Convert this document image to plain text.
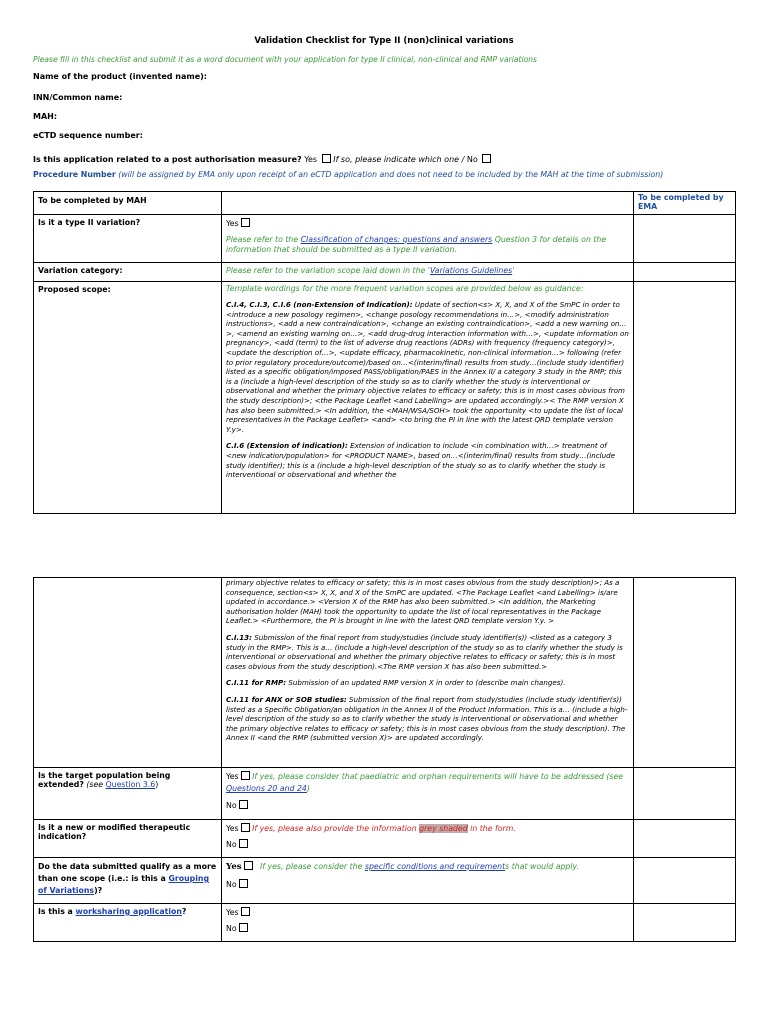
Validation Checklist for Type II (non)clinical variations
Please fill in this checklist and submit it as a word document with your application for type II clinical, non-clinical and RMP variations
Name of the product (invented name):
INN/Common name:
MAH:
eCTD sequence number:
Is this application related to a post authorisation measure? Yes If so, please indicate which one / No
Procedure Number (will be assigned by EMA only upon receipt of an eCTD application and does not need to be included by the MAH at the time of submission)
To be completed by MAH		To be completed by EMA
Is it a type II variation?	Yes
Please refer to the Classification of changes: questions and answers Question 3 for details on the information that should be submitted as a type II variation.	

Variation category:	Please refer to the variation scope laid down in the 'Variations Guidelines'	
Proposed scope:	Template wordings for the more frequent variation scopes are provided below as guidance:
C.I.4, C.I.3, C.I.6 (non-Extension of Indication): Update of section<s> X, X, and X of the SmPC in order to <introduce a new posology regimen>, <change posology recommendations in…>, <modify administration instructions>, <add a new contraindication>, <change an existing contraindication>, <add a new warning on…>, <amend an existing warning on…>, <add drug-drug interaction information with…>, <update information on pregnancy>, <add (term) to the list of adverse drug reactions (ADRs) with frequency (frequency category)>, <update the description of…>, <update efficacy, pharmacokinetic, non-clinical information…> following (refer to prior regulatory procedure/outcome)/based on…<(interim/final) results from study…(include study identifier) listed as a specific obligation/imposed PASS/obligation/PAES in the Annex II/ a category 3 study in the RMP; this is a (include a high-level description of the study so as to clarify whether the study is interventional or observational and whether the primary objective relates to efficacy or safety; this is in most cases obvious from the study description)>; <the Package Leaflet <and Labelling> are updated accordingly.>< The RMP version X has also been submitted.> <In addition, the <MAH/WSA/SOH> took the opportunity <to update the list of local representatives in the Package Leaflet> <and> <to bring the PI in line with the latest QRD template version Y.y>.
C.I.6 (Extension of indication): Extension of indication to include <in combination with…> treatment of <new indication/population> for <PRODUCT NAME>, based on…<(interim/final) results from study…(include study identifier); this is a (include a high-level description of the study so as to clarify whether the study is interventional or observational and whether the	

	primary objective relates to efficacy or safety; this is in most cases obvious from the study description)>; As a consequence, section<s> X, X, and X of the SmPC are updated. <The Package Leaflet <and Labelling> is/are updated in accordance.> <Version X of the RMP has also been submitted.> <In addition, the Marketing authorisation holder (MAH) took the opportunity to update the list of local representatives in the Package Leaflet.> <Furthermore, the PI is brought in line with the latest QRD template version Y.y. >
C.I.13: Submission of the final report from study/studies (include study identifier(s)) <listed as a category 3 study in the RMP>. This is a… (include a high-level description of the study so as to clarify whether the study is interventional or observational and whether the primary objective relates to efficacy or safety; this is in most cases obvious from the study description).<The RMP version X has also been submitted.>
C.I.11 for RMP: Submission of an updated RMP version X in order to (describe main changes).
C.I.11 for ANX or SOB studies: Submission of the final report from study/studies (include study identifier(s)) listed as a Specific Obligation/an obligation in the Annex II of the Product Information. This is a… (include a high-level description of the study so as to clarify whether the study is interventional or observational and whether the primary objective relates to efficacy or safety; this is in most cases obvious from the study description). The Annex II <and the RMP (submitted version X)> are updated accordingly.	

Is the target population being extended? (see Question 3.6)	Yes If yes, please consider that paediatric and orphan requirements will have to be addressed (see Questions 20 and 24)
No	

Is it a new or modified therapeutic indication?	Yes If yes, please also provide the information grey shaded in the form.
No	

Do the data submitted qualify as a more than one scope (i.e.: is this a Grouping of Variations)?	Yes If yes, please consider the specific conditions and requirements that would apply.
No	

Is this a worksharing application?	Yes
No	
